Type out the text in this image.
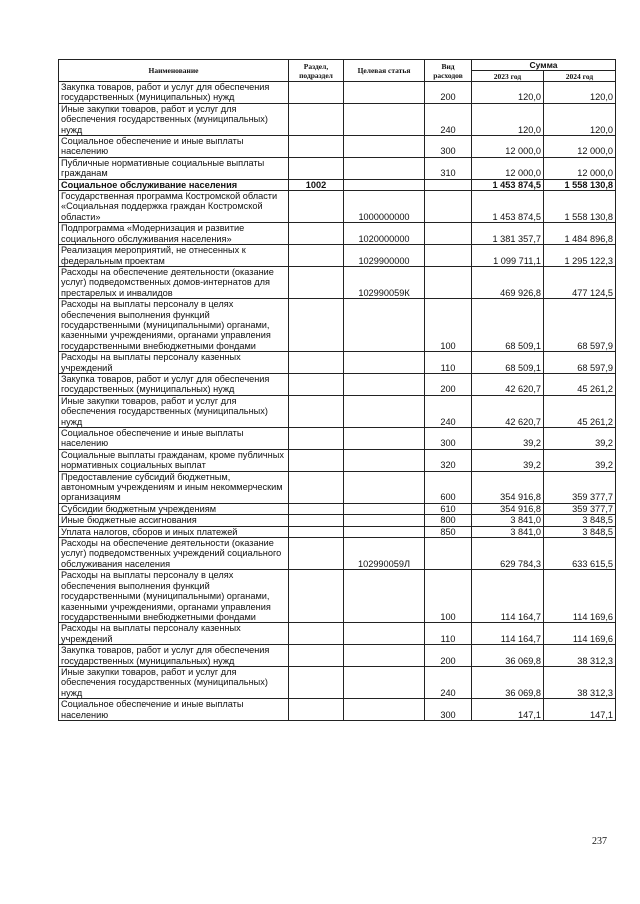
Наименование	Раздел, подраздел	Целевая статья	Вид расходов	Сумма	
				2023 год	2024 год
Закупка товаров, работ и услуг для обеспечения государственных (муниципальных) нужд			200	120,0	120,0
Иные закупки товаров, работ и услуг для обеспечения государственных (муниципальных) нужд			240	120,0	120,0
Социальное обеспечение и иные выплаты населению			300	12 000,0	12 000,0
Публичные нормативные социальные выплаты гражданам			310	12 000,0	12 000,0
Социальное обслуживание населения	1002			1 453 874,5	1 558 130,8
Государственная программа Костромской области «Социальная поддержка граждан Костромской области»		1000000000		1 453 874,5	1 558 130,8
Подпрограмма «Модернизация и развитие социального обслуживания населения»		1020000000		1 381 357,7	1 484 896,8
Реализация мероприятий, не отнесенных к федеральным проектам		1029900000		1 099 711,1	1 295 122,3
Расходы на обеспечение деятельности (оказание услуг) подведомственных домов-интернатов для престарелых и инвалидов		102990059К		469 926,8	477 124,5
Расходы на выплаты персоналу в целях обеспечения выполнения функций государственными (муниципальными) органами, казенными учреждениями, органами управления государственными внебюджетными фондами			100	68 509,1	68 597,9
Расходы на выплаты персоналу казенных учреждений			110	68 509,1	68 597,9
Закупка товаров, работ и услуг для обеспечения государственных (муниципальных) нужд			200	42 620,7	45 261,2
Иные закупки товаров, работ и услуг для обеспечения государственных (муниципальных) нужд			240	42 620,7	45 261,2
Социальное обеспечение и иные выплаты населению			300	39,2	39,2
Социальные выплаты гражданам, кроме публичных нормативных социальных выплат			320	39,2	39,2
Предоставление субсидий бюджетным, автономным учреждениям и иным некоммерческим организациям			600	354 916,8	359 377,7
Субсидии бюджетным учреждениям			610	354 916,8	359 377,7
Иные бюджетные ассигнования			800	3 841,0	3 848,5
Уплата налогов, сборов и иных платежей			850	3 841,0	3 848,5
Расходы на обеспечение деятельности (оказание услуг) подведомственных учреждений социального обслуживания населения		102990059Л		629 784,3	633 615,5
Расходы на выплаты персоналу в целях обеспечения выполнения функций государственными (муниципальными) органами, казенными учреждениями, органами управления государственными внебюджетными фондами			100	114 164,7	114 169,6
Расходы на выплаты персоналу казенных учреждений			110	114 164,7	114 169,6
Закупка товаров, работ и услуг для обеспечения государственных (муниципальных) нужд			200	36 069,8	38 312,3
Иные закупки товаров, работ и услуг для обеспечения государственных (муниципальных) нужд			240	36 069,8	38 312,3
Социальное обеспечение и иные выплаты населению			300	147,1	147,1
237
